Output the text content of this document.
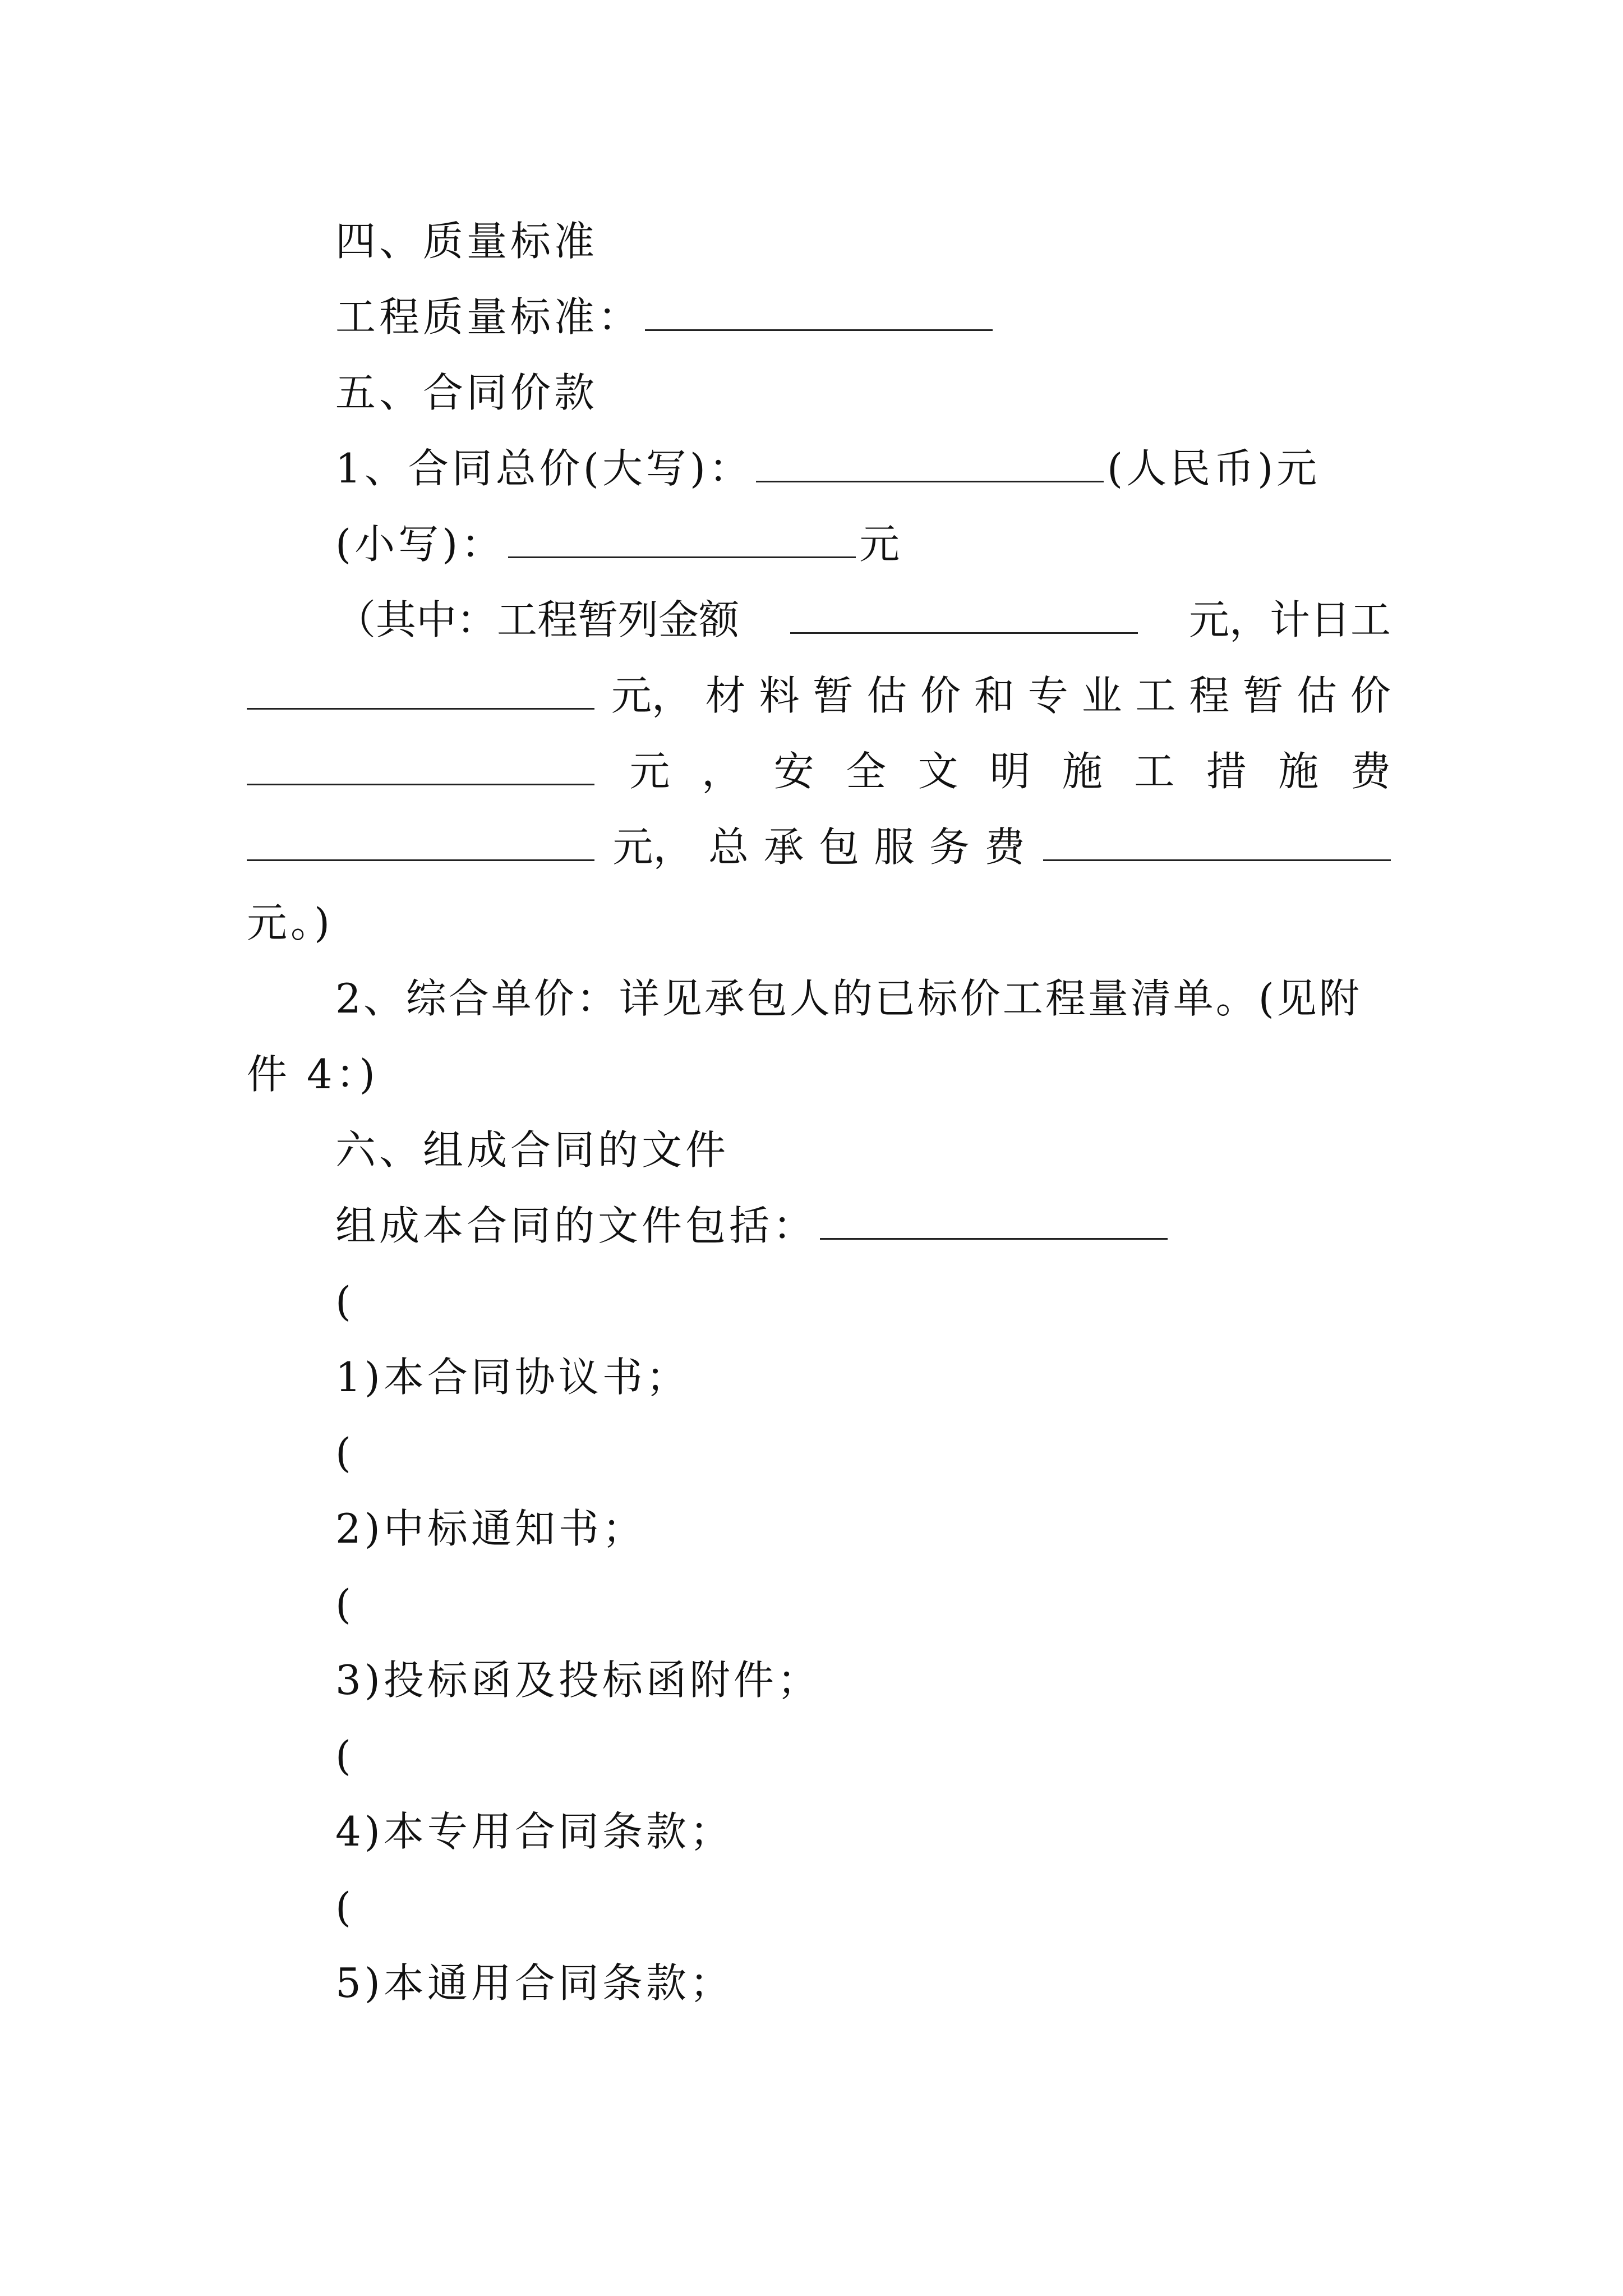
四、质量标准
工程质量标准：
五、合同价款
1、合同总价(大写)：	(人民币)元
(小写)：	元
（其中：工程暂列金额	元，计日工
元， 材 料 暂 估 价 和 专 业 工 程 暂 估 价
元 ， 安 全 文 明 施 工 措 施 费
元， 总 承 包 服 务 费
元。)
2、综合单价：详见承包人的已标价工程量清单。(见附
件 4：)
六、组成合同的文件
组成本合同的文件包括：
(
1)本合同协议书；
(
2)中标通知书；
(
3)投标函及投标函附件；
(
4)本专用合同条款；
(
5)本通用合同条款；
